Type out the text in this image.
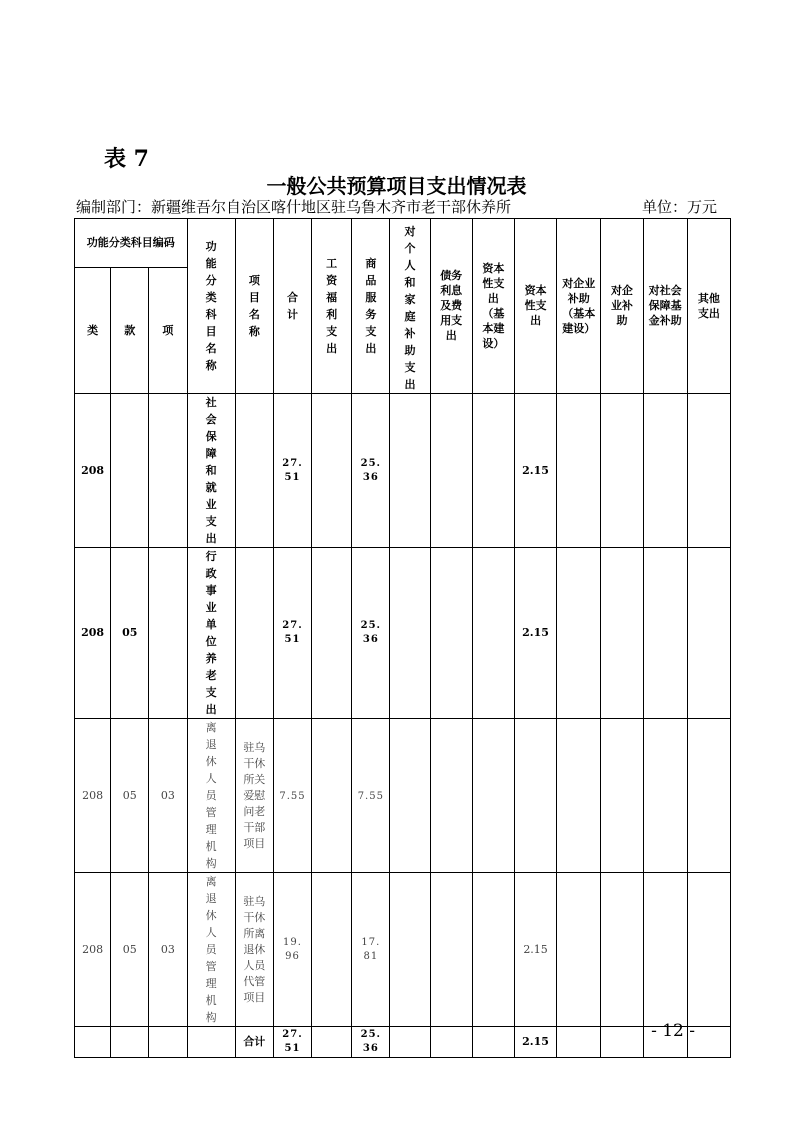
表 7
一般公共预算项目支出情况表
编制部门：新疆维吾尔自治区喀什地区驻乌鲁木齐市老干部休养所	单位：万元
功能分类科目编码			功能分类科目名称	项目名称	合计	工资福利支出	商品服务支出	对个人和家庭补助支出	债务利息及费用支出	资本性支出（基本建设）	资本性支出	对企业补助（基本建设）	对企业补助	对社会保障基金补助	其他支出
类	款	项													
208			社会保障和就业支出		27.51		25.36				2.15				
208	05		行政事业单位养老支出		27.51		25.36				2.15				
208	05	03	离退休人员管理机构	驻乌干休所关爱慰问老干部项目	7.55		7.55								
208	05	03	离退休人员管理机构	驻乌干休所离退休人员代管项目	19.96		17.81				2.15				
				合计	27.51		25.36				2.15				
- 12 -
